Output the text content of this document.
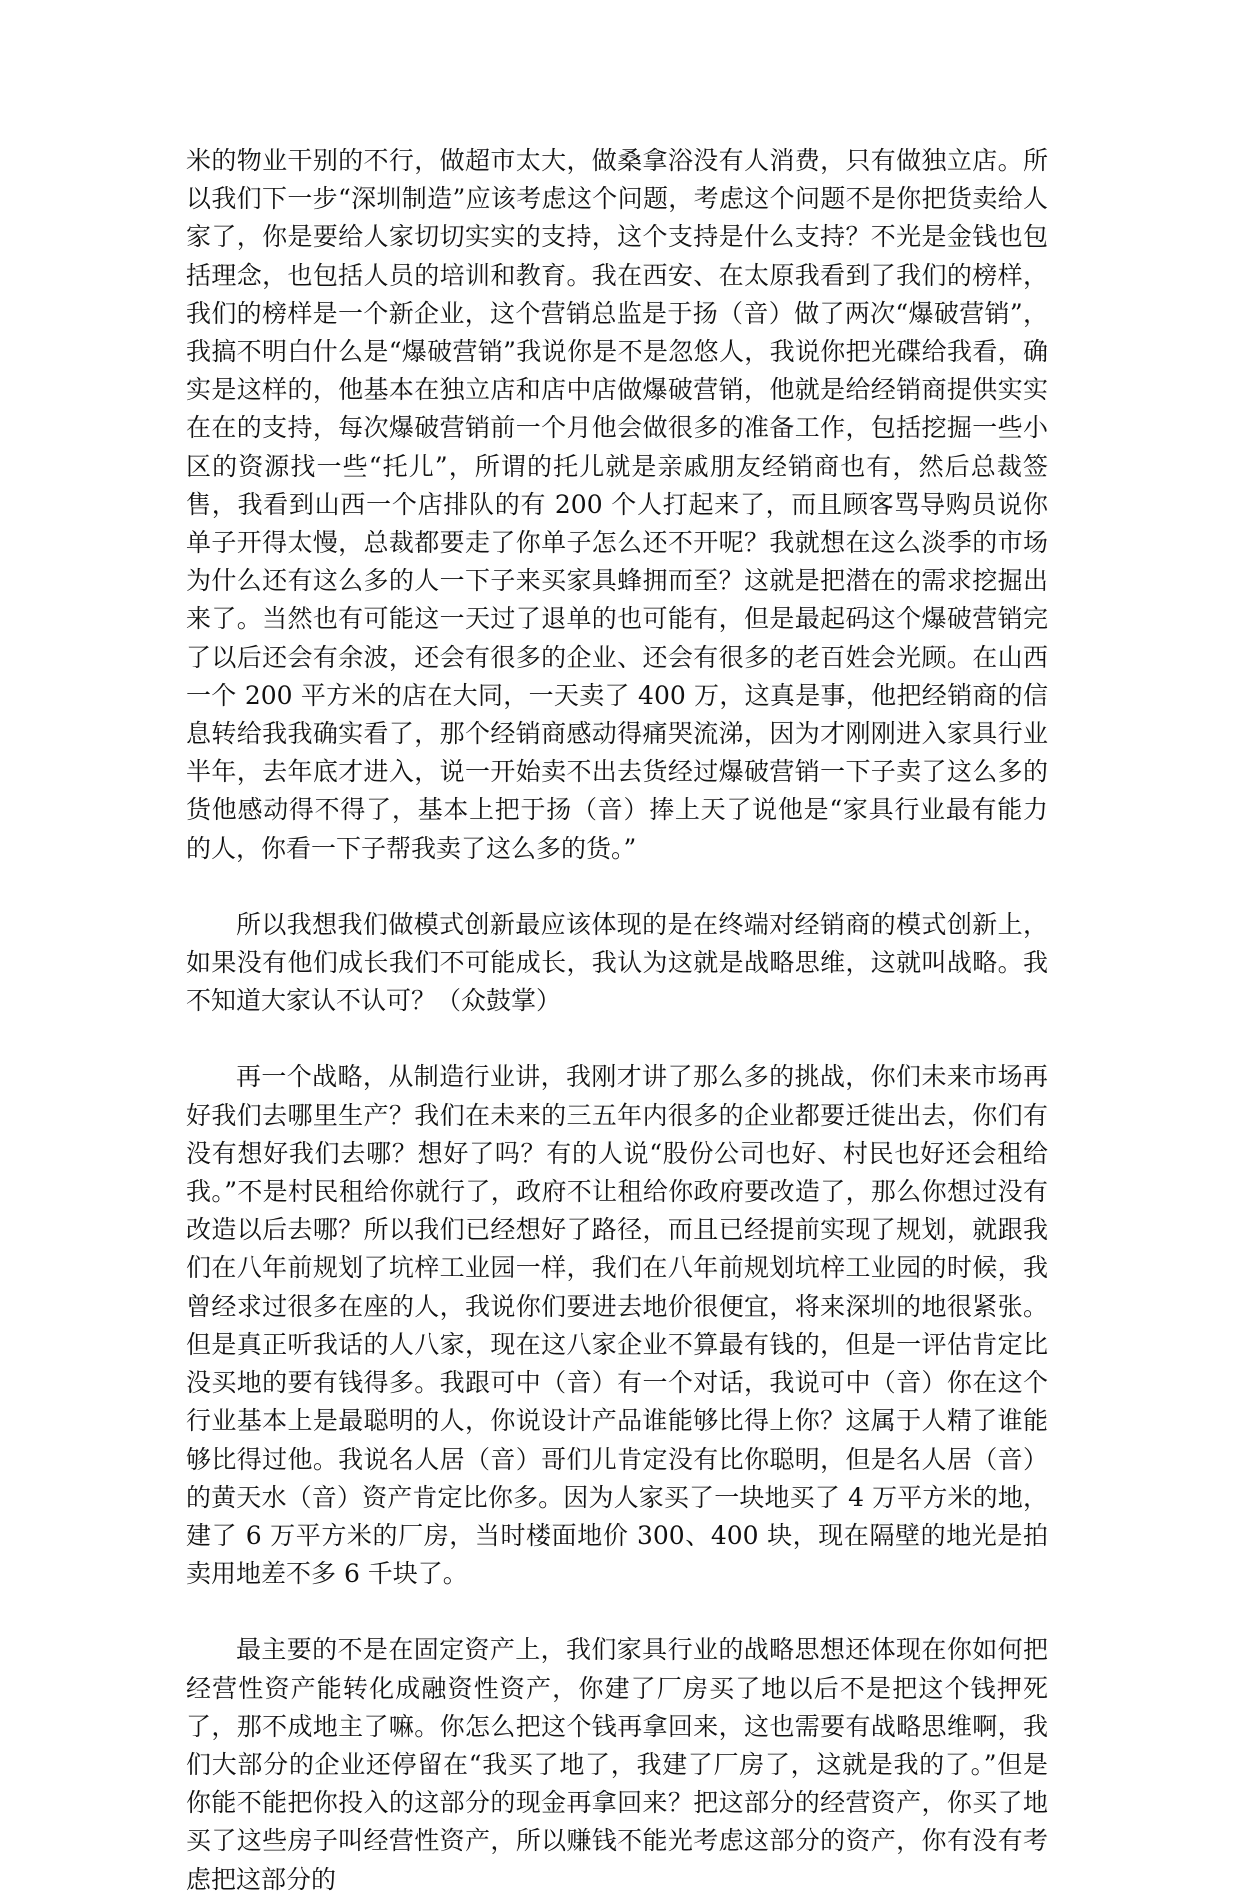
米的物业干别的不行，做超市太大，做桑拿浴没有人消费，只有做独立店。所以我们下一步“深圳制造”应该考虑这个问题，考虑这个问题不是你把货卖给人家了，你是要给人家切切实实的支持，这个支持是什么支持？不光是金钱也包括理念，也包括人员的培训和教育。我在西安、在太原我看到了我们的榜样，我们的榜样是一个新企业，这个营销总监是于扬（音）做了两次“爆破营销”，我搞不明白什么是“爆破营销”我说你是不是忽悠人，我说你把光碟给我看，确实是这样的，他基本在独立店和店中店做爆破营销，他就是给经销商提供实实在在的支持，每次爆破营销前一个月他会做很多的准备工作，包括挖掘一些小区的资源找一些“托儿”，所谓的托儿就是亲戚朋友经销商也有，然后总裁签售，我看到山西一个店排队的有 200 个人打起来了，而且顾客骂导购员说你单子开得太慢，总裁都要走了你单子怎么还不开呢？我就想在这么淡季的市场为什么还有这么多的人一下子来买家具蜂拥而至？这就是把潜在的需求挖掘出来了。当然也有可能这一天过了退单的也可能有，但是最起码这个爆破营销完了以后还会有余波，还会有很多的企业、还会有很多的老百姓会光顾。在山西一个 200 平方米的店在大同，一天卖了 400 万，这真是事，他把经销商的信息转给我我确实看了，那个经销商感动得痛哭流涕，因为才刚刚进入家具行业半年，去年底才进入，说一开始卖不出去货经过爆破营销一下子卖了这么多的货他感动得不得了，基本上把于扬（音）捧上天了说他是“家具行业最有能力的人，你看一下子帮我卖了这么多的货。”

所以我想我们做模式创新最应该体现的是在终端对经销商的模式创新上，如果没有他们成长我们不可能成长，我认为这就是战略思维，这就叫战略。我不知道大家认不认可？（众鼓掌）

再一个战略，从制造行业讲，我刚才讲了那么多的挑战，你们未来市场再好我们去哪里生产？我们在未来的三五年内很多的企业都要迁徙出去，你们有没有想好我们去哪？想好了吗？有的人说“股份公司也好、村民也好还会租给我。”不是村民租给你就行了，政府不让租给你政府要改造了，那么你想过没有改造以后去哪？所以我们已经想好了路径，而且已经提前实现了规划，就跟我们在八年前规划了坑梓工业园一样，我们在八年前规划坑梓工业园的时候，我曾经求过很多在座的人，我说你们要进去地价很便宜，将来深圳的地很紧张。但是真正听我话的人八家，现在这八家企业不算最有钱的，但是一评估肯定比没买地的要有钱得多。我跟可中（音）有一个对话，我说可中（音）你在这个行业基本上是最聪明的人，你说设计产品谁能够比得上你？这属于人精了谁能够比得过他。我说名人居（音）哥们儿肯定没有比你聪明，但是名人居（音）的黄天水（音）资产肯定比你多。因为人家买了一块地买了 4 万平方米的地，建了 6 万平方米的厂房，当时楼面地价 300、400 块，现在隔壁的地光是拍卖用地差不多 6 千块了。

最主要的不是在固定资产上，我们家具行业的战略思想还体现在你如何把经营性资产能转化成融资性资产，你建了厂房买了地以后不是把这个钱押死了，那不成地主了嘛。你怎么把这个钱再拿回来，这也需要有战略思维啊，我们大部分的企业还停留在“我买了地了，我建了厂房了，这就是我的了。”但是你能不能把你投入的这部分的现金再拿回来？把这部分的经营资产，你买了地买了这些房子叫经营性资产，所以赚钱不能光考虑这部分的资产，你有没有考虑把这部分的
